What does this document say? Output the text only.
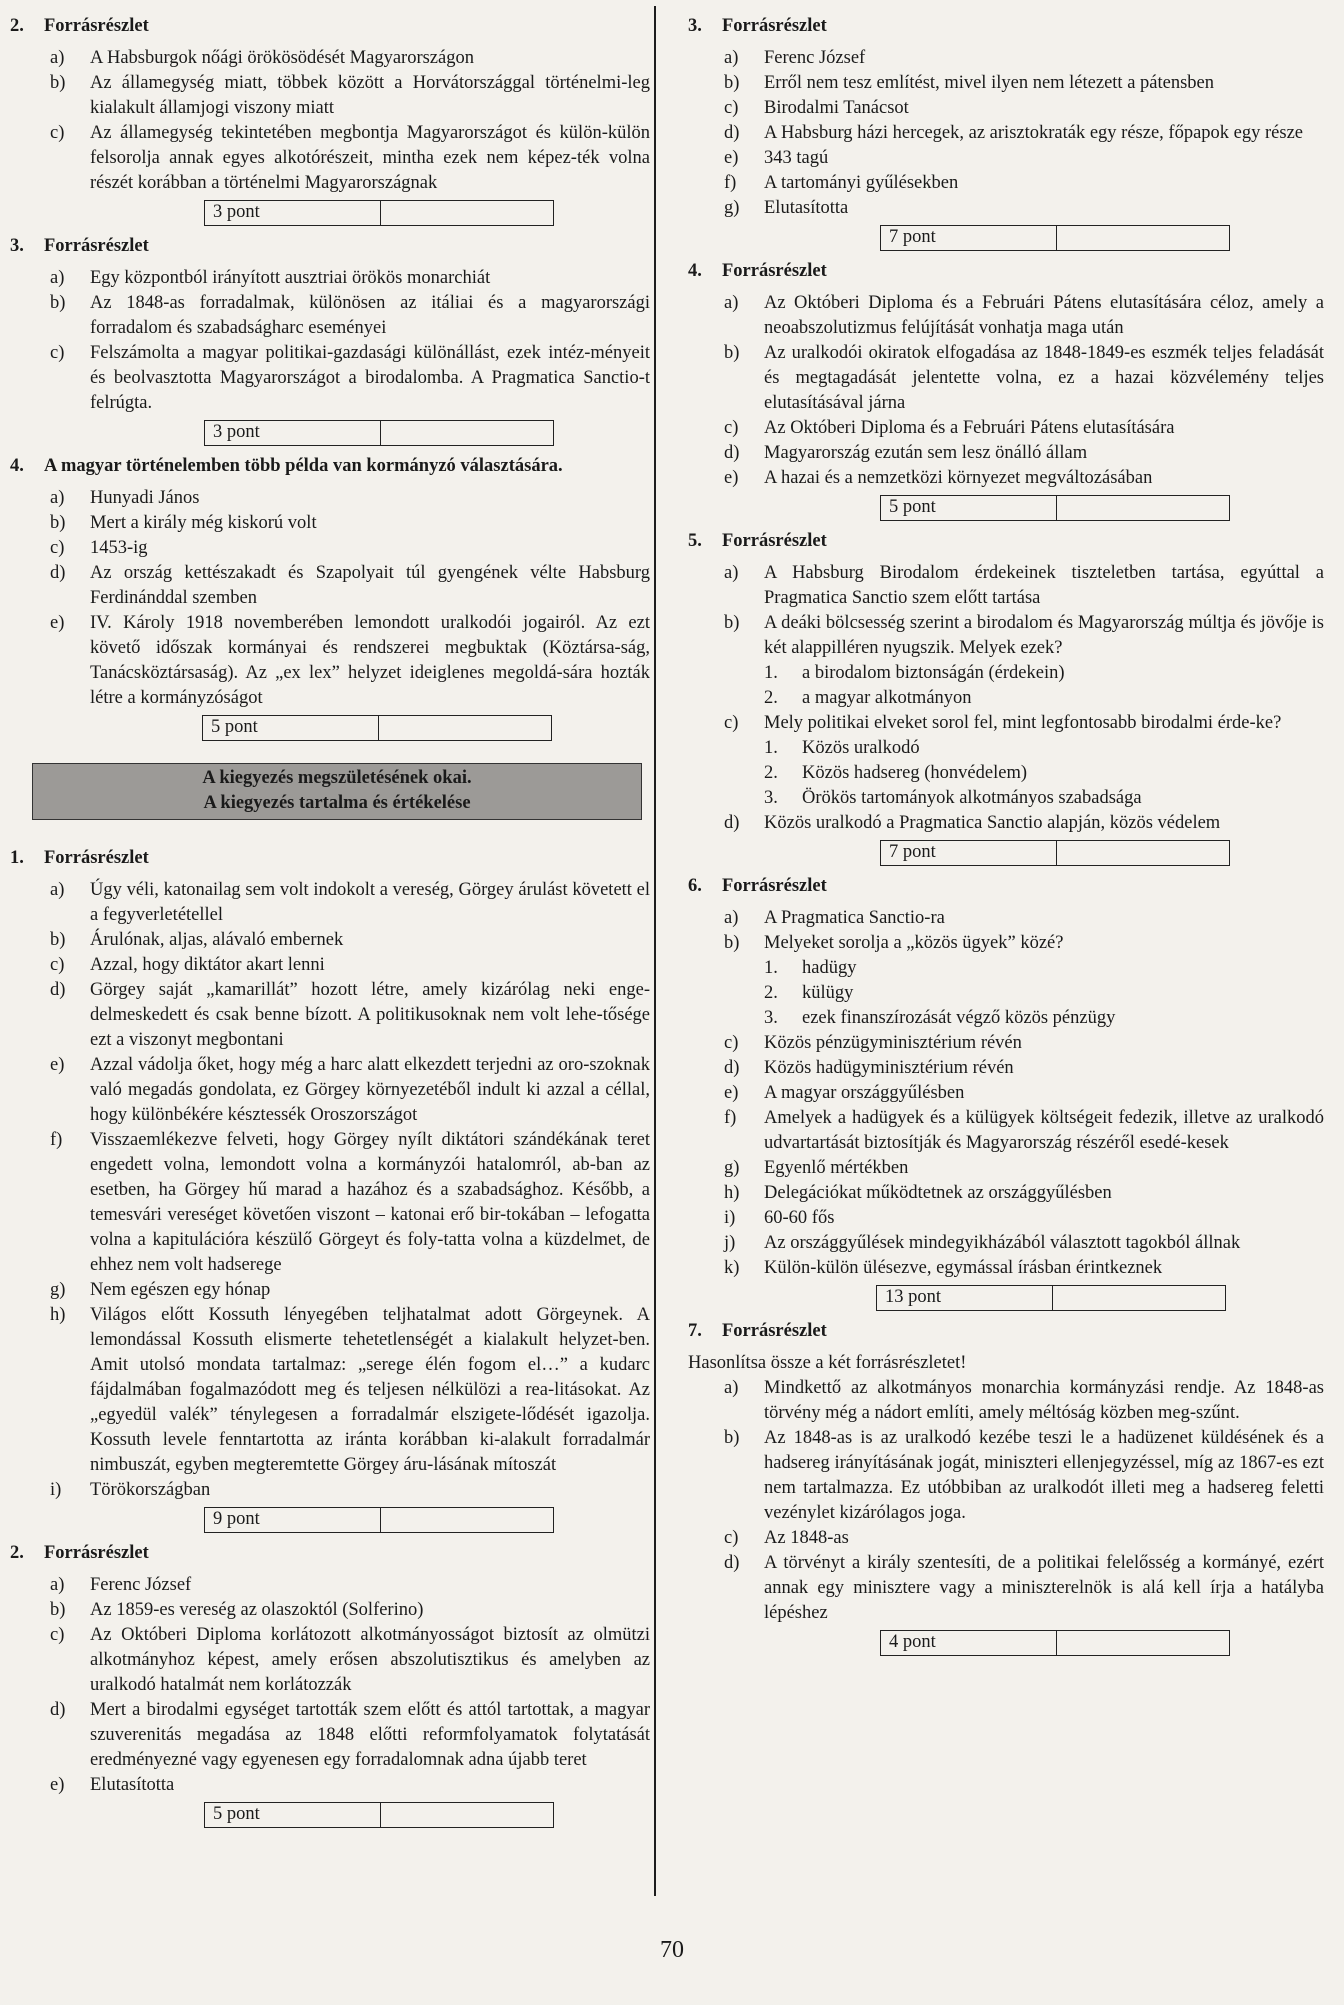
2.	Forrásrészlet
a)	A Habsburgok nőági örökösödését Magyarországon
b)	Az államegység miatt, többek között a Horvátországgal történelmi-leg kialakult államjogi viszony miatt
c)	Az államegység tekintetében megbontja Magyarországot és külön-külön felsorolja annak egyes alkotórészeit, mintha ezek nem képez-ték volna részét korábban a történelmi Magyarországnak
3 pont
3.	Forrásrészlet
a)	Egy központból irányított ausztriai örökös monarchiát
b)	Az 1848-as forradalmak, különösen az itáliai és a magyarországi forradalom és szabadságharc eseményei
c)	Felszámolta a magyar politikai-gazdasági különállást, ezek intéz-ményeit és beolvasztotta Magyarországot a birodalomba. A Pragmatica Sanctio-t felrúgta.
3 pont
4.	A magyar történelemben több példa van kormányzó választására.
a)	Hunyadi János
b)	Mert a király még kiskorú volt
c)	1453-ig
d)	Az ország kettészakadt és Szapolyait túl gyengének vélte Habsburg Ferdinánddal szemben
e)	IV. Károly 1918 novemberében lemondott uralkodói jogairól. Az ezt követő időszak kormányai és rendszerei megbuktak (Köztársa-ság, Tanácsköztársaság). Az „ex lex” helyzet ideiglenes megoldá-sára hozták létre a kormányzóságot
5 pont
A kiegyezés megszületésének okai.
A kiegyezés tartalma és értékelése
1.	Forrásrészlet
a)	Úgy véli, katonailag sem volt indokolt a vereség, Görgey árulást követett el a fegyverletétellel
b)	Árulónak, aljas, alávaló embernek
c)	Azzal, hogy diktátor akart lenni
d)	Görgey saját „kamarillát” hozott létre, amely kizárólag neki enge-delmeskedett és csak benne bízott. A politikusoknak nem volt lehe-tősége ezt a viszonyt megbontani
e)	Azzal vádolja őket, hogy még a harc alatt elkezdett terjedni az oro-szoknak való megadás gondolata, ez Görgey környezetéből indult ki azzal a céllal, hogy különbékére késztessék Oroszországot
f)	Visszaemlékezve felveti, hogy Görgey nyílt diktátori szándékának teret engedett volna, lemondott volna a kormányzói hatalomról, ab-ban az esetben, ha Görgey hű marad a hazához és a szabadsághoz. Később, a temesvári vereséget követően viszont – katonai erő bir-tokában – lefogatta volna a kapitulációra készülő Görgeyt és foly-tatta volna a küzdelmet, de ehhez nem volt hadserege
g)	Nem egészen egy hónap
h)	Világos előtt Kossuth lényegében teljhatalmat adott Görgeynek. A lemondással Kossuth elismerte tehetetlenségét a kialakult helyzet-ben. Amit utolsó mondata tartalmaz: „serege élén fogom el…” a kudarc fájdalmában fogalmazódott meg és teljesen nélkülözi a rea-litásokat. Az „egyedül valék” ténylegesen a forradalmár elszigete-lődését igazolja. Kossuth levele fenntartotta az iránta korábban ki-alakult forradalmár nimbuszát, egyben megteremtette Görgey áru-lásának mítoszát
i)	Törökországban
9 pont
2.	Forrásrészlet
a)	Ferenc József
b)	Az 1859-es vereség az olaszoktól (Solferino)
c)	Az Októberi Diploma korlátozott alkotmányosságot biztosít az olmützi alkotmányhoz képest, amely erősen abszolutisztikus és amelyben az uralkodó hatalmát nem korlátozzák
d)	Mert a birodalmi egységet tartották szem előtt és attól tartottak, a magyar szuverenitás megadása az 1848 előtti reformfolyamatok folytatását eredményezné vagy egyenesen egy forradalomnak adna újabb teret
e)	Elutasította
5 pont
3.	Forrásrészlet
a)	Ferenc József
b)	Erről nem tesz említést, mivel ilyen nem létezett a pátensben
c)	Birodalmi Tanácsot
d)	A Habsburg házi hercegek, az arisztokraták egy része, főpapok egy része
e)	343 tagú
f)	A tartományi gyűlésekben
g)	Elutasította
7 pont
4.	Forrásrészlet
a)	Az Októberi Diploma és a Februári Pátens elutasítására céloz, amely a neoabszolutizmus felújítását vonhatja maga után
b)	Az uralkodói okiratok elfogadása az 1848-1849-es eszmék teljes feladását és megtagadását jelentette volna, ez a hazai közvélemény teljes elutasításával járna
c)	Az Októberi Diploma és a Februári Pátens elutasítására
d)	Magyarország ezután sem lesz önálló állam
e)	A hazai és a nemzetközi környezet megváltozásában
5 pont
5.	Forrásrészlet
a)	A Habsburg Birodalom érdekeinek tiszteletben tartása, egyúttal a Pragmatica Sanctio szem előtt tartása
b)	A deáki bölcsesség szerint a birodalom és Magyarország múltja és jövője is két alappilléren nyugszik. Melyek ezek?
1.	a birodalom biztonságán (érdekein)
2.	a magyar alkotmányon
c)	Mely politikai elveket sorol fel, mint legfontosabb birodalmi érde-ke?
1.	Közös uralkodó
2.	Közös hadsereg (honvédelem)
3.	Örökös tartományok alkotmányos szabadsága
d)	Közös uralkodó a Pragmatica Sanctio alapján, közös védelem
7 pont
6.	Forrásrészlet
a)	A Pragmatica Sanctio-ra
b)	Melyeket sorolja a „közös ügyek” közé?
1.	hadügy
2.	külügy
3.	ezek finanszírozását végző közös pénzügy
c)	Közös pénzügyminisztérium révén
d)	Közös hadügyminisztérium révén
e)	A magyar országgyűlésben
f)	Amelyek a hadügyek és a külügyek költségeit fedezik, illetve az uralkodó udvartartását biztosítják és Magyarország részéről esedé-kesek
g)	Egyenlő mértékben
h)	Delegációkat működtetnek az országgyűlésben
i)	60-60 fős
j)	Az országgyűlések mindegyikházából választott tagokból állnak
k)	Külön-külön ülésezve, egymással írásban érintkeznek
13 pont
7.	Forrásrészlet
Hasonlítsa össze a két forrásrészletet!
a)	Mindkettő az alkotmányos monarchia kormányzási rendje. Az 1848-as törvény még a nádort említi, amely méltóság közben meg-szűnt.
b)	Az 1848-as is az uralkodó kezébe teszi le a hadüzenet küldésének és a hadsereg irányításának jogát, miniszteri ellenjegyzéssel, míg az 1867-es ezt nem tartalmazza. Ez utóbbiban az uralkodót illeti meg a hadsereg feletti vezénylet kizárólagos joga.
c)	Az 1848-as
d)	A törvényt a király szentesíti, de a politikai felelősség a kormányé, ezért annak egy minisztere vagy a miniszterelnök is alá kell írja a hatályba lépéshez
4 pont
70
